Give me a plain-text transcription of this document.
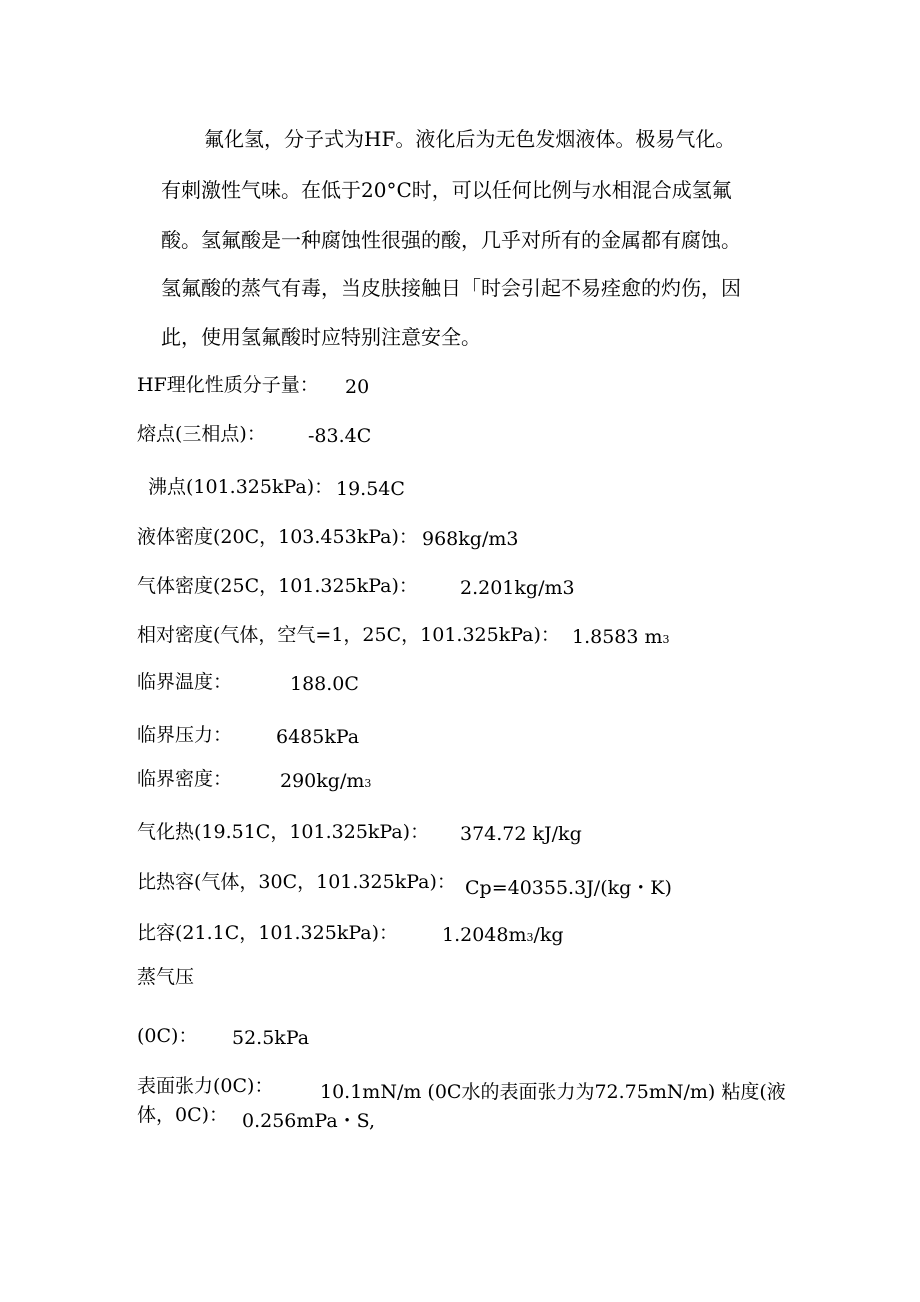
氟化氢，分子式为HF。液化后为无色发烟液体。极易气化。
有刺激性气味。在低于20°C时，可以任何比例与水相混合成氢氟
酸。氢氟酸是一种腐蚀性很强的酸，几乎对所有的金属都有腐蚀。
氢氟酸的蒸气有毒，当皮肤接触日「时会引起不易痊愈的灼伤，因
此，使用氢氟酸时应特别注意安全。
HF理化性质分子量： 20
熔点(三相点)： -83.4C
沸点(101.325kPa)： 19.54C
液体密度(20C，103.453kPa)： 968kg/m3
气体密度(25C，101.325kPa)： 2.201kg/m3
相对密度(气体，空气=1，25C，101.325kPa)： 1.8583 m3
临界温度：	188.0C
临界压力： 6485kPa
临界密度：	290kg/m3
气化热(19.51C，101.325kPa)： 374.72 kJ/kg
比热容(气体，30C，101.325kPa)： Cp=40355.3J/(kg・K)
比容(21.1C，101.325kPa)： 1.2048m3/kg
蒸气压
(0C)： 52.5kPa
表面张力(0C)： 10.1mN/m (0C水的表面张力为72.75mN/m) 粘度(液
体，0C)： 0.256mPa・S,
